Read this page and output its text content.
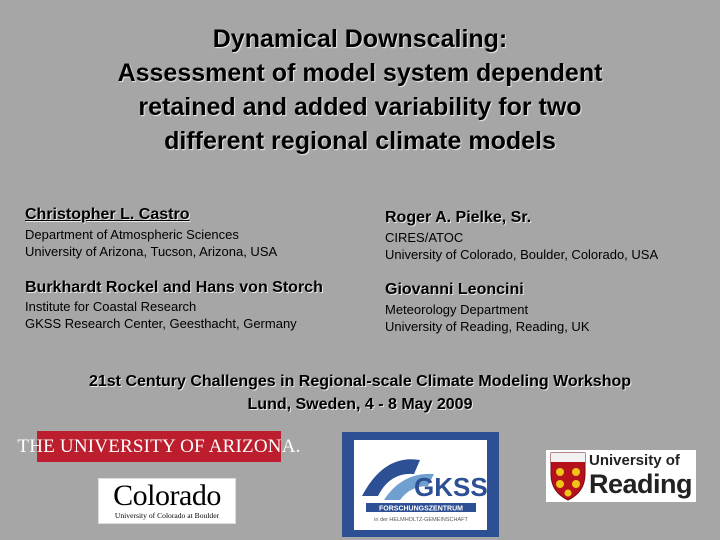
Dynamical Downscaling:
Assessment of model system dependent
retained and added variability for two
different regional climate models
Christopher L. Castro
Department of Atmospheric Sciences
University of Arizona, Tucson, Arizona, USA
Roger A. Pielke, Sr.
CIRES/ATOC
University of Colorado, Boulder, Colorado, USA
Burkhardt Rockel and Hans von Storch
Institute for Coastal Research
GKSS Research Center, Geesthacht, Germany
Giovanni Leoncini
Meteorology Department
University of Reading, Reading, UK
21st Century Challenges in Regional-scale Climate Modeling Workshop
Lund, Sweden, 4 - 8 May 2009
THE UNIVERSITY OF ARIZONA.
Colorado
University of Colorado at Boulder
GKSS
FORSCHUNGSZENTRUM
in der HELMHOLTZ-GEMEINSCHAFT
University of
Reading
